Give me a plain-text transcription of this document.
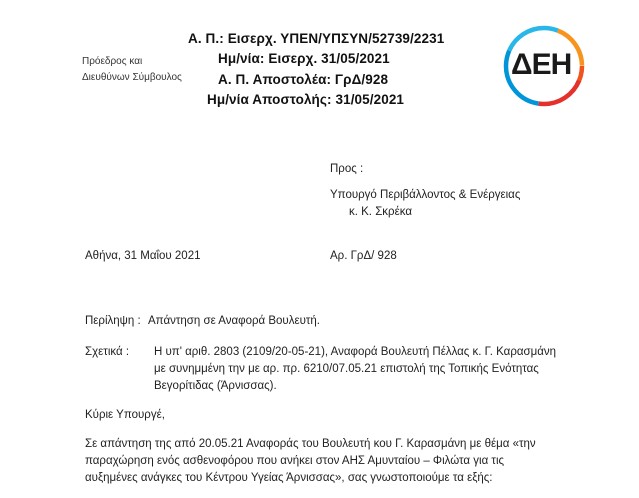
Α. Π.: Εισερχ. ΥΠΕΝ/ΥΠΣΥΝ/52739/2231
Ημ/νία: Εισερχ. 31/05/2021
Α. Π. Αποστολέα: ΓρΔ/928
Ημ/νία Αποστολής: 31/05/2021
Πρόεδρος και
Διευθύνων Σύμβουλος	ΔΕΗ
Προς :
Υπουργό Περιβάλλοντος & Ενέργειας
κ. Κ. Σκρέκα
Αθήνα, 31 Μαΐου 2021	Αρ. ΓρΔ/ 928
Περίληψη : Απάντηση σε Αναφορά Βουλευτή.
Σχετικά : Η υπ' αριθ. 2803 (2109/20-05-21), Αναφορά Βουλευτή Πέλλας κ. Γ. Καρασμάνη
με συνημμένη την με αρ. πρ. 6210/07.05.21 επιστολή της Τοπικής Ενότητας
Βεγορίτιδας (Άρνισσας).
Κύριε Υπουργέ,
Σε απάντηση της από 20.05.21 Αναφοράς του Βουλευτή κου Γ. Καρασμάνη με θέμα «την
παραχώρηση ενός ασθενοφόρου που ανήκει στον ΑΗΣ Αμυνταίου – Φιλώτα για τις
αυξημένες ανάγκες του Κέντρου Υγείας Άρνισσας», σας γνωστοποιούμε τα εξής:
